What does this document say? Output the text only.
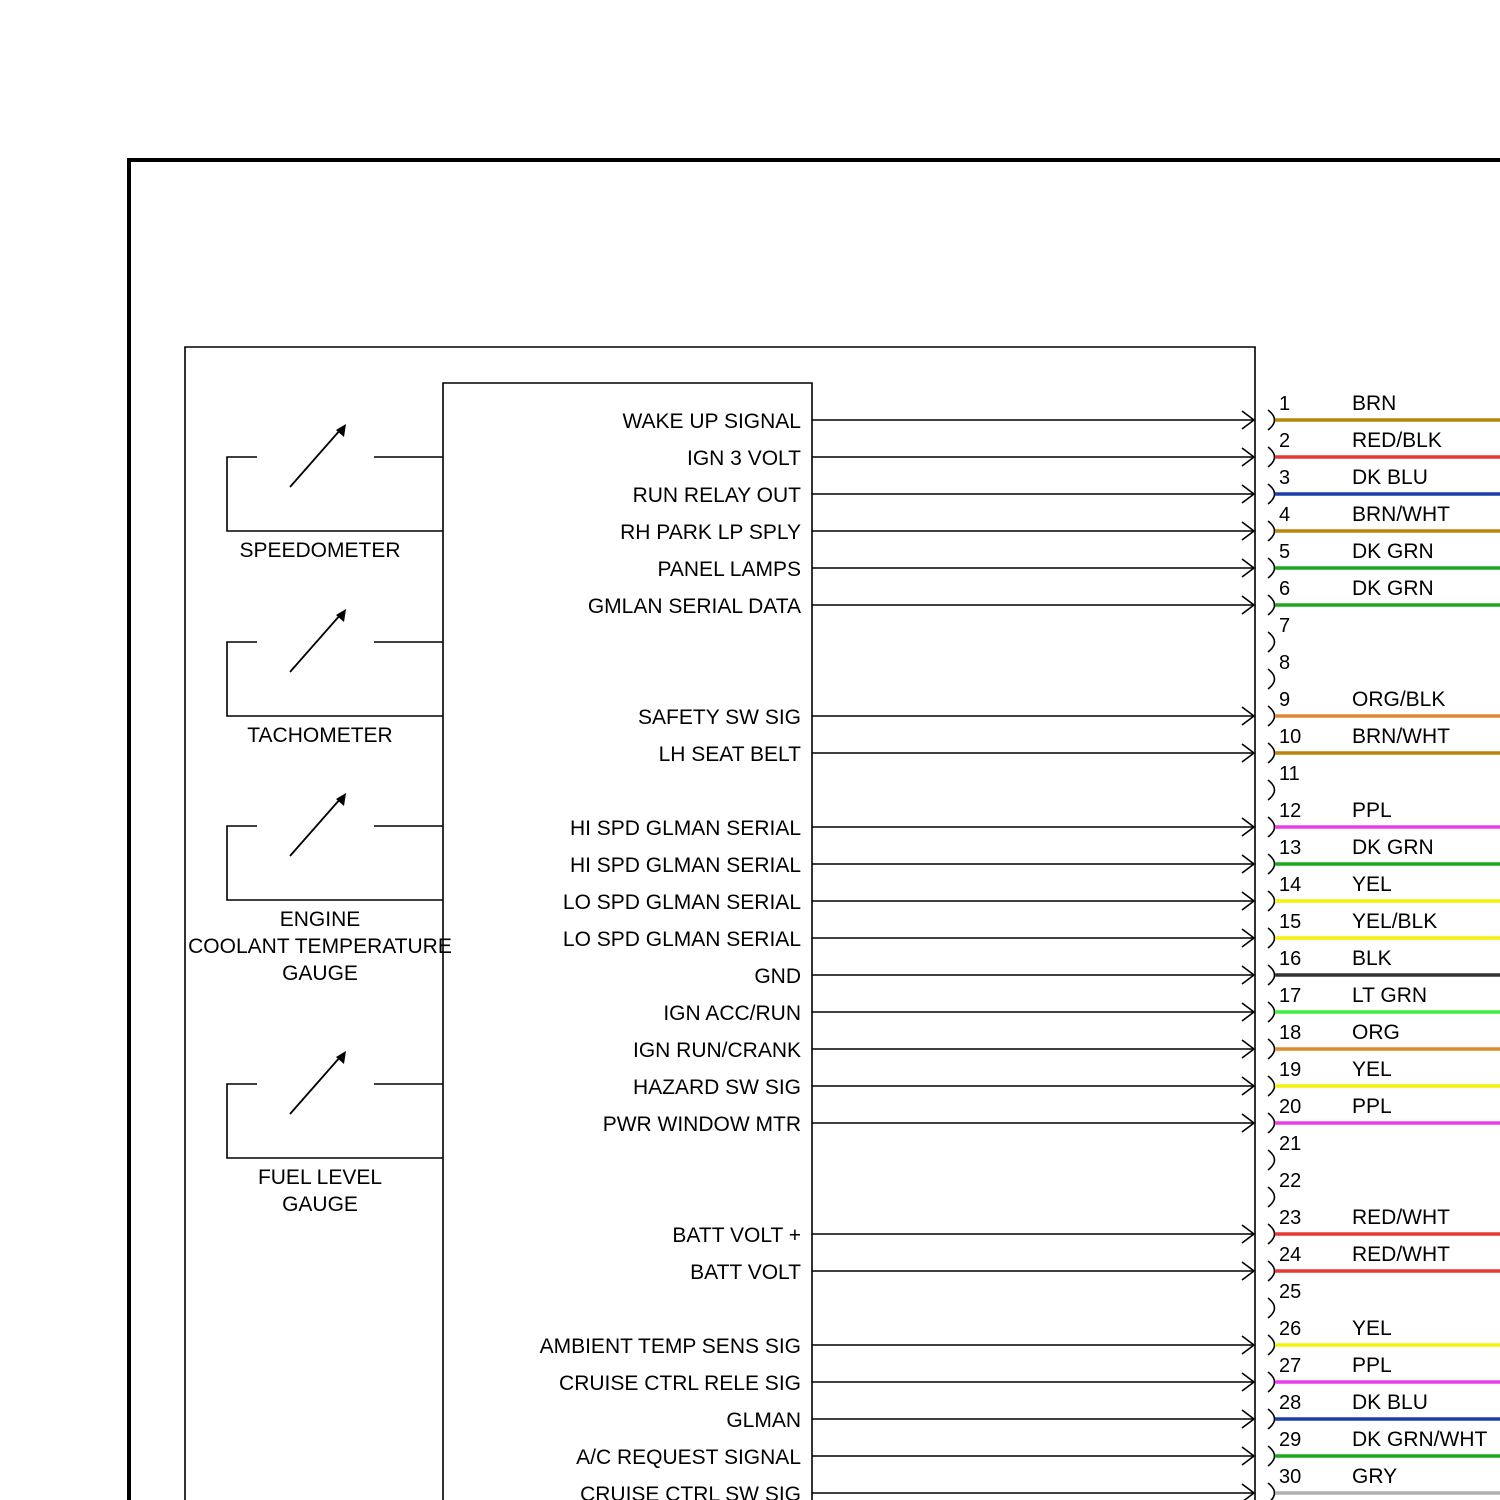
SPEEDOMETER
TACHOMETER
ENGINE
COOLANT TEMPERATURE
GAUGE
FUEL LEVEL
GAUGE
WAKE UP SIGNAL
IGN 3 VOLT
RUN RELAY OUT
RH PARK LP SPLY
PANEL LAMPS
GMLAN SERIAL DATA
SAFETY SW SIG
LH SEAT BELT
HI SPD GLMAN SERIAL
HI SPD GLMAN SERIAL
LO SPD GLMAN SERIAL
LO SPD GLMAN SERIAL
GND
IGN ACC/RUN
IGN RUN/CRANK
HAZARD SW SIG
PWR WINDOW MTR
BATT VOLT +
BATT VOLT
AMBIENT TEMP SENS SIG
CRUISE CTRL RELE SIG
GLMAN
A/C REQUEST SIGNAL
CRUISE CTRL SW SIG
1	BRN
2	RED/BLK
3	DK BLU
4	BRN/WHT
5	DK GRN
6	DK GRN
7
8
9	ORG/BLK
10 BRN/WHT
11
12 PPL
13 DK GRN
14 YEL
15 YEL/BLK
16 BLK
17 LT GRN
18 ORG
19 YEL
20 PPL
21
22
23 RED/WHT
24 RED/WHT
25
26 YEL
27 PPL
28 DK BLU
29 DK GRN/WHT
30 GRY
